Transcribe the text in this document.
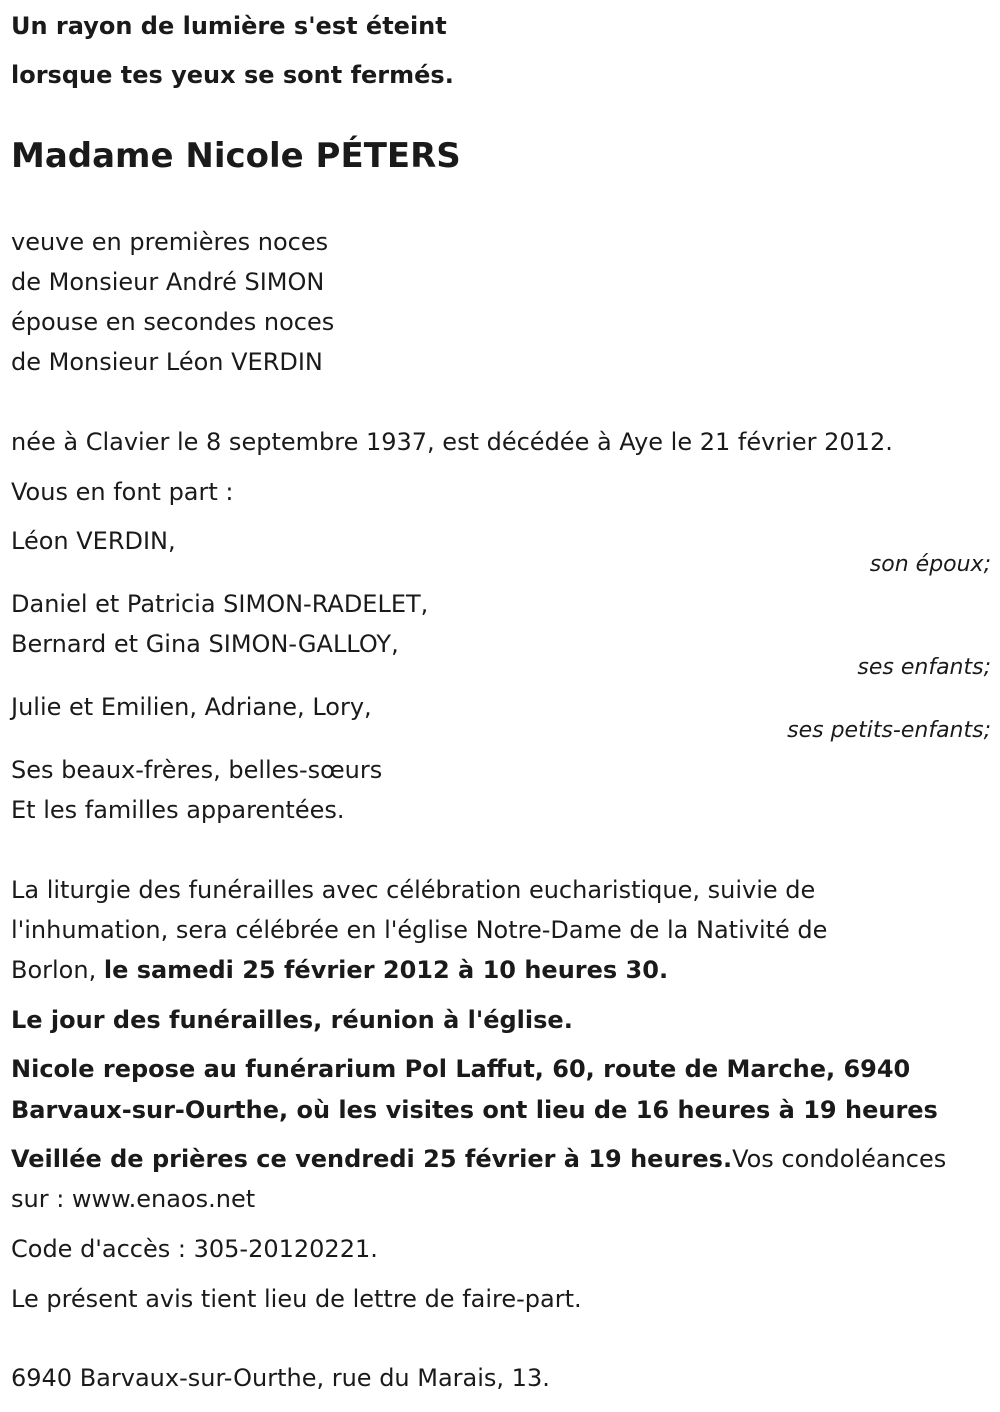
Un rayon de lumière s'est éteint
lorsque tes yeux se sont fermés.
Madame Nicole PÉTERS
veuve en premières noces
de Monsieur André SIMON
épouse en secondes noces
de Monsieur Léon VERDIN
née à Clavier le 8 septembre 1937, est décédée à Aye le 21 février 2012.
Vous en font part :
Léon VERDIN,
son époux;
Daniel et Patricia SIMON-RADELET,
Bernard et Gina SIMON-GALLOY,
ses enfants;
Julie et Emilien, Adriane, Lory,
ses petits-enfants;
Ses beaux-frères, belles-sœurs
Et les familles apparentées.
La liturgie des funérailles avec célébration eucharistique, suivie de
l'inhumation, sera célébrée en l'église Notre-Dame de la Nativité de
Borlon, le samedi 25 février 2012 à 10 heures 30.
Le jour des funérailles, réunion à l'église.
Nicole repose au funérarium Pol Laffut, 60, route de Marche, 6940
Barvaux-sur-Ourthe, où les visites ont lieu de 16 heures à 19 heures
Veillée de prières ce vendredi 25 février à 19 heures.Vos condoléances
sur : www.enaos.net
Code d'accès : 305-20120221.
Le présent avis tient lieu de lettre de faire-part.
6940 Barvaux-sur-Ourthe, rue du Marais, 13.
